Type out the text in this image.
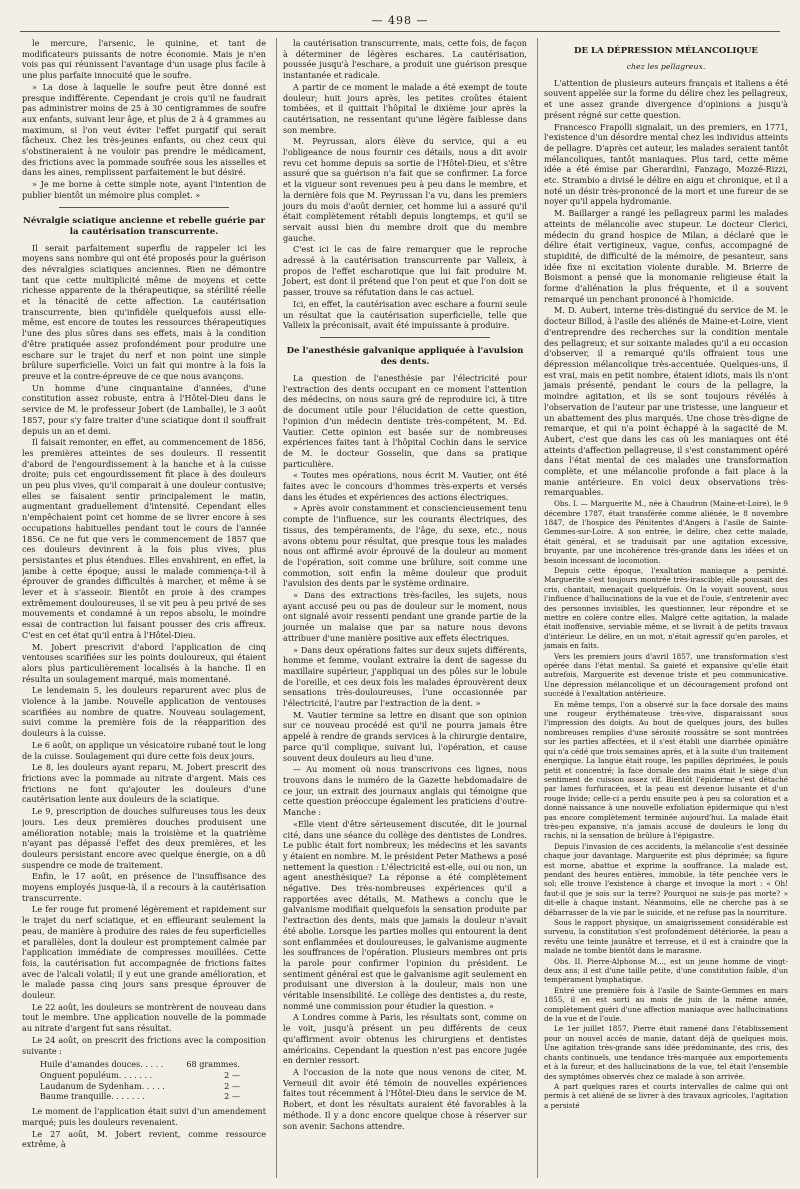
— 498 —

le mercure, l'arsenic, le quinine, et tant de modificateurs puissants de notre économie. Mais je n'en vois pas qui réunissent l'avantage d'un usage plus facile à une plus parfaite innocuité que le soufre.

» La dose à laquelle le soufre peut être donné est presque indifférente. Cependant je crois qu'il ne faudrait pas administrer moins de 25 à 30 centigrammes de soufre aux enfants, suivant leur âge, et plus de 2 à 4 grammes au maximum, si l'on veut éviter l'effet purgatif qui serait fâcheux. Chez les très-jeunes enfants, ou chez ceux qui s'obstineraient à ne vouloir pas prendre le médicament, des frictions avec la pommade soufrée sous les aisselles et dans les aines, remplissent parfaitement le but désiré.

» Je me borne à cette simple note, ayant l'intention de publier bientôt un mémoire plus complet. »

Névralgie sciatique ancienne et rebelle guérie par la cautérisation transcurrente.

Il serait parfaitement superflu de rappeler ici les moyens sans nombre qui ont été proposés pour la guérison des névralgies sciatiques anciennes. Rien ne démontre tant que cette multiplicité même de moyens et cette richesse apparente de la thérapeutique, sa stérilité réelle et la ténacité de cette affection. La cautérisation transcurrente, bien qu'infidèle quelquefois aussi elle-même, est encore de toutes les ressources thérapeutiques l'une des plus sûres dans ses effets, mais à la condition d'être pratiquée assez profondément pour produire une eschare sur le trajet du nerf et non point une simple brûlure superficielle. Voici un fait qui montre à la fois la preuve et la contre-épreuve de ce que nous avançons.

Un homme d'une cinquantaine d'années, d'une constitution assez robuste, entra à l'Hôtel-Dieu dans le service de M. le professeur Jobert (de Lamballe), le 3 août 1857, pour s'y faire traiter d'une sciatique dont il souffrait depuis un an et demi.

Il faisait remonter, en effet, au commencement de 1856, les premières atteintes de ses douleurs. Il ressentit d'abord de l'engourdissement à la hanche et à la cuisse droite; puis cet engourdissement fit place à des douleurs un peu plus vives, qu'il comparait à une douleur contusive; elles se faisaient sentir principalement le matin, augmentant graduellement d'intensité. Cependant elles n'empêchaient point cet homme de se livrer encore à ses occupations habituelles pendant tout le cours de l'année 1856. Ce ne fut que vers le commencement de 1857 que ces douleurs devinrent à la fois plus vives, plus persistantes et plus étendues. Elles envahirent, en effet, la jambe à cette époque; aussi le malade commença-t-il à éprouver de grandes difficultés à marcher, et même à se lever et à s'asseoir. Bientôt en proie à des crampes extrêmement douloureuses, il se vit peu à peu privé de ses mouvements et condamné à un repos absolu, le moindre essai de contraction lui faisant pousser des cris affreux. C'est en cet état qu'il entra à l'Hôtel-Dieu.

M. Jobert prescrivit d'abord l'application de cinq ventouses scarifiées sur les points douloureux, qui étaient alors plus particulièrement localisés à la hanche. Il en résulta un soulagement marqué, mais momentané.

Le lendemain 5, les douleurs reparurent avec plus de violence à la jambe. Nouvelle application de ventouses scarifiées au nombre de quatre. Nouveau soulagement, suivi comme la première fois de la réapparition des douleurs à la cuisse.

Le 6 août, on applique un vésicatoire rubané tout le long de la cuisse. Soulagement qui dure cette fois deux jours.

Le 8, les douleurs ayant reparu, M. Jobert prescrit des frictions avec la pommade au nitrate d'argent. Mais ces frictions ne font qu'ajouter les douleurs d'une cautérisation lente aux douleurs de la sciatique.

Le 9, prescription de douches sulfureuses tous les deux jours. Les deux premières douches produisent une amélioration notable; mais la troisième et la quatrième n'ayant pas dépassé l'effet des deux premières, et les douleurs persistant encore avec quelque énergie, on a dû suspendre ce mode de traitement.

Enfin, le 17 août, en présence de l'insuffisance des moyens employés jusque-là, il a recours à la cautérisation transcurrente.

Le fer rouge fut promené légèrement et rapidement sur le trajet du nerf sciatique, et en effleurant seulement la peau, de manière à produire des raies de feu superficielles et parallèles, dont la douleur est promptement calmée par l'application immédiate de compresses mouillées. Cette fois, la cautérisation fut accompagnée de frictions faites avec de l'alcali volatil; il y eut une grande amélioration, et le malade passa cinq jours sans presque éprouver de douleur.

Le 22 août, les douleurs se montrèrent de nouveau dans tout le membre. Une application nouvelle de la pommade au nitrate d'argent fut sans résultat.

Le 24 août, on prescrit des frictions avec la composition suivante :

Huile d'amandes douces. . . . .	68 grammes.
Onguent populéum. . . . . . .	2 —
Laudanum de Sydenham. . . . .	2 —
Baume tranquille. . . . . . .	2 —

Le moment de l'application était suivi d'un amendement marqué; puis les douleurs revenaient.

Le 27 août, M. Jobert revient, comme ressource extrême, à

la cautérisation transcurrente, mais, cette fois, de façon à déterminer de légères eschares. La cautérisation, poussée jusqu'à l'eschare, a produit une guérison presque instantanée et radicale.

A partir de ce moment le malade a été exempt de toute douleur; huit jours après, les petites croûtes étaient tombées, et il quittait l'hôpital le dixième jour après la cautérisation, ne ressentant qu'une légère faiblesse dans son membre.

M. Peyrussan, alors élève du service, qui a eu l'obligeance de nous fournir ces détails, nous a dit avoir revu cet homme depuis sa sortie de l'Hôtel-Dieu, et s'être assuré que sa guérison n'a fait que se confirmer. La force et la vigueur sont revenues peu à peu dans le membre, et la dernière fois que M. Peyrussan l'a vu, dans les premiers jours du mois d'août dernier, cet homme lui a assuré qu'il était complètement rétabli depuis longtemps, et qu'il se servait aussi bien du membre droit que du membre gauche.

C'est ici le cas de faire remarquer que le reproche adressé à la cautérisation transcurrente par Valleix, à propos de l'effet escharotique que lui fait produire M. Jobert, est dont il prétend que l'on peut et que l'on doit se passer, trouve sa réfutation dans le cas actuel.

Ici, en effet, la cautérisation avec eschare a fourni seule un résultat que la cautérisation superficielle, telle que Valleix la préconisait, avait été impuissante à produire.

De l'anesthésie galvanique appliquée à l'avulsion des dents.

La question de l'anesthésie par l'électricité pour l'extraction des dents occupant en ce moment l'attention des médecins, on nous saura gré de reproduire ici, à titre de document utile pour l'élucidation de cette question, l'opinion d'un médecin dentiste très-compétent, M. Ed. Vautier. Cette opinion est basée sur de nombreuses expériences faites tant à l'hôpital Cochin dans le service de M. le docteur Gosselin, que dans sa pratique particulière.

« Toutes mes opérations, nous écrit M. Vautier, ont été faites avec le concours d'hommes très-experts et versés dans les études et expériences des actions électriques.

» Après avoir constamment et consciencieusement tenu compte de l'influence, sur les courants électriques, des tissus, des tempéraments, de l'âge, du sexe, etc., nous avons obtenu pour résultat, que presque tous les malades nous ont affirmé avoir éprouvé de la douleur au moment de l'opération, soit comme une brûlure, soit comme une commotion, soit enfin la même douleur que produit l'avulsion des dents par le système ordinaire.

» Dans des extractions très-faciles, les sujets, nous ayant accusé peu ou pas de douleur sur le moment, nous ont signalé avoir ressenti pendant une grande partie de la journée un malaise que par sa nature nous devons attribuer d'une manière positive aux effets électriques.

» Dans deux opérations faites sur deux sujets différents, homme et femme, voulant extraire la dent de sagesse du maxillaire supérieur, j'appliquai un des pôles sur le lobule de l'oreille, et ces deux fois les malades éprouvèrent deux sensations très-douloureuses, l'une occasionnée par l'électricité, l'autre par l'extraction de la dent. »

M. Vautier termine sa lettre en disant que son opinion sur ce nouveau procédé est qu'il ne pourra jamais être appelé à rendre de grands services à la chirurgie dentaire, parce qu'il complique, suivant lui, l'opération, et cause souvent deux douleurs au lieu d'une.

— Au moment où nous transcrivons ces lignes, nous trouvons dans le numéro de la Gazette hebdomadaire de ce jour, un extrait des journaux anglais qui témoigne que cette question préoccupe également les praticiens d'outre-Manche :

«Elle vient d'être sérieusement discutée, dit le journal cité, dans une séance du collège des dentistes de Londres. Le public était fort nombreux; les médecins et les savants y étaient en nombre. M. le président Peter Mathews a posé nettement la question : L'électricité est-elle, oui ou non, un agent anesthésique? La réponse a été complètement négative. Des très-nombreuses expériences qu'il a rapportées avec détails, M. Mathews a conclu que le galvanisme modifiait quelquefois la sensation produite par l'extraction des dents, mais que jamais la douleur n'avait été abolie. Lorsque les parties molles qui entourent la dent sont enflammées et douloureuses, le galvanisme augmente les souffrances de l'opération. Plusieurs membres ont pris la parole pour confirmer l'opinion du président. Le sentiment général est que le galvanisme agit seulement en produisant une diversion à la douleur, mais non une véritable insensibilité. Le collège des dentistes a, du reste, nommé une commission pour étudier la question. »

A Londres comme à Paris, les résultats sont, comme on le voit, jusqu'à présent un peu différents de ceux qu'affirment avoir obtenus les chirurgiens et dentistes américains. Cependant la question n'est pas encore jugée en dernier ressort.

A l'occasion de la note que nous venons de citer, M. Verneuil dit avoir été témoin de nouvelles expériences faites tout récemment à l'Hôtel-Dieu dans le service de M. Robert, et dont les résultats auraient été favorables à la méthode. Il y a donc encore quelque chose à réserver sur son avenir. Sachons attendre.

DE LA DÉPRESSION MÉLANCOLIQUE
chez les pellagreux.

L'attention de plusieurs auteurs français et italiens a été souvent appelée sur la forme du délire chez les pellagreux, et une assez grande divergence d'opinions a jusqu'à présent régné sur cette question.

Francesco Frapolli signalait, un des premiers, en 1771, l'existence d'un désordre mental chez les individus atteints de pellagre. D'après cet auteur, les malades seraient tantôt mélancoliques, tantôt maniaques. Plus tard, cette même idée a été émise par Gherardini, Fanzago, Mozzé-Rizzi, etc. Strambio a divisé le délire en aigu et chronique, et il a noté un désir très-prononcé de la mort et une fureur de se noyer qu'il appela hydromanie.

M. Baillarger a rangé les pellagreux parmi les malades atteints de mélancolie avec stupeur. Le docteur Clerici, médecin du grand hospice de Milan, a déclaré que le délire était vertigineux, vague, confus, accompagné de stupidité, de difficulté de la mémoire, de pesanteur, sans idée fixe ni excitation violente durable. M. Brierre de Boismont a pensé que la monomanie religieuse était la forme d'aliénation la plus fréquente, et il a souvent remarqué un penchant prononcé à l'homicide.

M. D. Aubert, interne très-distingué du service de M. le docteur Billod, à l'asile des aliénés de Maine-et-Loire, vient d'entreprendre des recherches sur la condition mentale des pellagreux; et sur soixante malades qu'il a eu occasion d'observer, il a remarqué qu'ils offraient tous une dépression mélancolique très-accentuée. Quelques-uns, il est vrai, mais en petit nombre, étaient idiots, mais ils n'ont jamais présenté, pendant le cours de la pellagre, la moindre agitation, et ils se sont toujours révélés à l'observation de l'auteur par une tristesse, une langueur et un abattement des plus marqués. Une chose très-digne de remarque, et qui n'a point échappé à la sagacité de M. Aubert, c'est que dans les cas où les maniaques ont été atteints d'affection pellagreuse, il s'est constamment opéré dans l'état mental de ces malades une transformation complète, et une mélancolie profonde a fait place à la manie antérieure. En voici deux observations très-remarquables.

Obs. I. — Marguerite M., née à Chaudron (Maine-et-Loire), le 9 décembre 1787, était transférée comme aliénée, le 8 novembre 1847, de l'hospice des Pénitentes d'Angers à l'asile de Sainte-Gemmes-sur-Loire. A son entrée, le délire, chez cette malade, était général, et se traduisait par une agitation excessive, bruyante, par une incohérence très-grande dans les idées et un besoin incessant de locomotion.

Depuis cette époque, l'exaltation maniaque a persisté. Marguerite s'est toujours montrée très-irascible; elle poussait des cris, chantait, menaçait quelquefois. On la voyait souvent, sous l'influence d'hallucinations de la vue et de l'ouïe, s'entretenir avec des personnes invisibles, les questionner, leur répondre et se mettre en colère contre elles. Malgré cette agitation, la malade était inoffensive, serviable même, et se livrait à de petits travaux d'intérieur. Le délire, en un mot, n'était agressif qu'en paroles, et jamais en faits.

Vers les premiers jours d'avril 1857, une transformation s'est opérée dans l'état mental. Sa gaieté et expansive qu'elle était autrefois, Marguerite est devenue triste et peu communicative. Une dépression mélancolique et un découragement profond ont succédé à l'exaltation antérieure.

En même temps, l'on a observé sur la face dorsale des mains une rougeur érythémateuse très-vive, disparaissant sous l'impression des doigts. Au bout de quelques jours, des bulles nombreuses remplies d'une sérosité roussâtre se sont montrées sur les parties affectées, et il s'est établi une diarrhée opiniâtre qui n'a cédé que trois semaines après, et à la suite d'un traitement énergique. La langue était rouge, les papilles déprimées, le pouls petit et concentré; la face dorsale des mains était le siège d'un sentiment de cuisson assez vif. Bientôt l'épiderme s'est détaché par lames furfuracées, et la peau est devenue luisante et d'un rouge livide; celle-ci a perdu ensuite peu à peu sa coloration et a donné naissance à une nouvelle exfoliation épidermique qui n'est pas encore complètement terminée aujourd'hui. La malade était très-peu expansive, n'a jamais accusé de douleurs le long du rachis, ni la sensation de brûlure à l'épigastre.

Depuis l'invasion de ces accidents, la mélancolie s'est dessinée chaque jour davantage. Marguerite est plus déprimée; sa figure est morne, abattue et exprime la souffrance. La malade est, pendant des heures entières, immobile, la tête penchée vers le sol; elle trouve l'existence à charge et invoque la mort : « Oh! faut-il que je sois sur la terre? Pourquoi ne suis-je pas morte? » dit-elle à chaque instant. Néanmoins, elle ne cherche pas à se débarrasser de la vie par le suicide, et ne refuse pas la nourriture.

Sous le rapport physique, un amaigrissement considérable est survenu, la constitution s'est profondément détériorée, la peau a revêtu une teinte jaunâtre et terreuse, et il est à craindre que la malade ne tombe bientôt dans le marasme.

Obs. II. Pierre-Alphonse M..., est un jeune homme de vingt-deux ans; il est d'une taille petite, d'une constitution faible, d'un tempérament lymphatique.

Entré une première fois à l'asile de Sainte-Gemmes en mars 1855, il en est sorti au mois de juin de la même année, complètement guéri d'une affection maniaque avec hallucinations de la vue et de l'ouïe.

Le 1er juillet 1857, Pierre était ramené dans l'établissement pour un nouvel accès de manie, datant déjà de quelques mois. Une agitation très-grande sans idée prédominante, des cris, des chants continuels, une tendance très-marquée aux emportements et à la fureur, et des hallucinations de la vue, tel était l'ensemble des symptômes observés chez ce malade à son arrivée.

A part quelques rares et courts intervalles de calme qui ont permis à cet aliéné de se livrer à des travaux agricoles, l'agitation a persisté
